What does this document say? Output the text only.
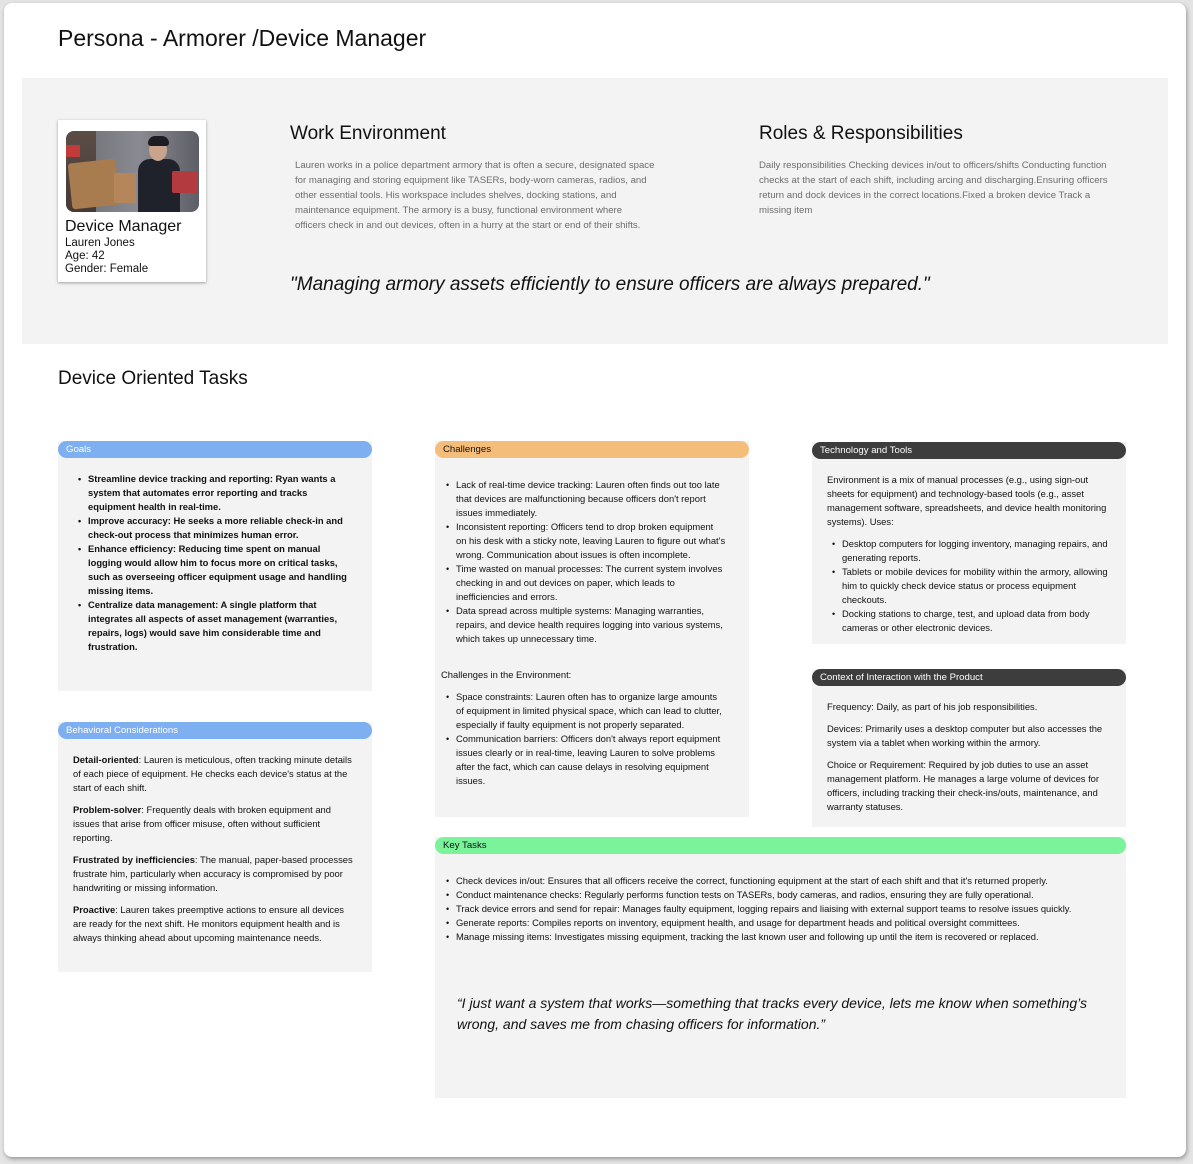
Persona - Armorer /Device Manager
Device Manager
Lauren Jones
Age: 42
Gender: Female
Work Environment
Lauren works in a police department armory that is often a secure, designated space
for managing and storing equipment like TASERs, body-worn cameras, radios, and
other essential tools. His workspace includes shelves, docking stations, and
maintenance equipment. The armory is a busy, functional environment where
officers check in and out devices, often in a hurry at the start or end of their shifts.
Roles & Responsibilities
Daily responsibilities Checking devices in/out to officers/shifts Conducting function
checks at the start of each shift, including arcing and discharging.Ensuring officers
return and dock devices in the correct locations.Fixed a broken device Track a
missing item
"Managing armory assets efficiently to ensure officers are always prepared."
Device Oriented Tasks
Goals
• Streamline device tracking and reporting: Ryan wants a system that automates error reporting and tracks equipment health in real-time.
• Improve accuracy: He seeks a more reliable check-in and check-out process that minimizes human error.
• Enhance efficiency: Reducing time spent on manual logging would allow him to focus more on critical tasks, such as overseeing officer equipment usage and handling missing items.
• Centralize data management: A single platform that integrates all aspects of asset management (warranties, repairs, logs) would save him considerable time and frustration.
Behavioral Considerations

Detail-oriented: Lauren is meticulous, often tracking minute details of each piece of equipment. He checks each device's status at the start of each shift.

Problem-solver: Frequently deals with broken equipment and issues that arise from officer misuse, often without sufficient reporting.

Frustrated by inefficiencies: The manual, paper-based processes frustrate him, particularly when accuracy is compromised by poor handwriting or missing information.

Proactive: Lauren takes preemptive actions to ensure all devices are ready for the next shift. He monitors equipment health and is always thinking ahead about upcoming maintenance needs.

Challenges
• Lack of real-time device tracking: Lauren often finds out too late that devices are malfunctioning because officers don't report issues immediately.
• Inconsistent reporting: Officers tend to drop broken equipment on his desk with a sticky note, leaving Lauren to figure out what's wrong. Communication about issues is often incomplete.
• Time wasted on manual processes: The current system involves checking in and out devices on paper, which leads to inefficiencies and errors.
• Data spread across multiple systems: Managing warranties, repairs, and device health requires logging into various systems, which takes up unnecessary time.
Challenges in the Environment:
• Space constraints: Lauren often has to organize large amounts of equipment in limited physical space, which can lead to clutter, especially if faulty equipment is not properly separated.
• Communication barriers: Officers don't always report equipment issues clearly or in real-time, leaving Lauren to solve problems after the fact, which can cause delays in resolving equipment issues.
Technology and Tools
Environment is a mix of manual processes (e.g., using sign-out sheets for equipment) and technology-based tools (e.g., asset management software, spreadsheets, and device health monitoring systems). Uses:
• Desktop computers for logging inventory, managing repairs, and generating reports.
• Tablets or mobile devices for mobility within the armory, allowing him to quickly check device status or process equipment checkouts.
• Docking stations to charge, test, and upload data from body cameras or other electronic devices.
Context of Interaction with the Product
Frequency: Daily, as part of his job responsibilities.
Devices: Primarily uses a desktop computer but also accesses the system via a tablet when working within the armory.
Choice or Requirement: Required by job duties to use an asset management platform. He manages a large volume of devices for officers, including tracking their check-ins/outs, maintenance, and warranty statuses.
Key Tasks
• Check devices in/out: Ensures that all officers receive the correct, functioning equipment at the start of each shift and that it's returned properly.
• Conduct maintenance checks: Regularly performs function tests on TASERs, body cameras, and radios, ensuring they are fully operational.
• Track device errors and send for repair: Manages faulty equipment, logging repairs and liaising with external support teams to resolve issues quickly.
• Generate reports: Compiles reports on inventory, equipment health, and usage for department heads and political oversight committees.
• Manage missing items: Investigates missing equipment, tracking the last known user and following up until the item is recovered or replaced.
“I just want a system that works—something that tracks every device, lets me know when something’s wrong, and saves me from chasing officers for information.”
